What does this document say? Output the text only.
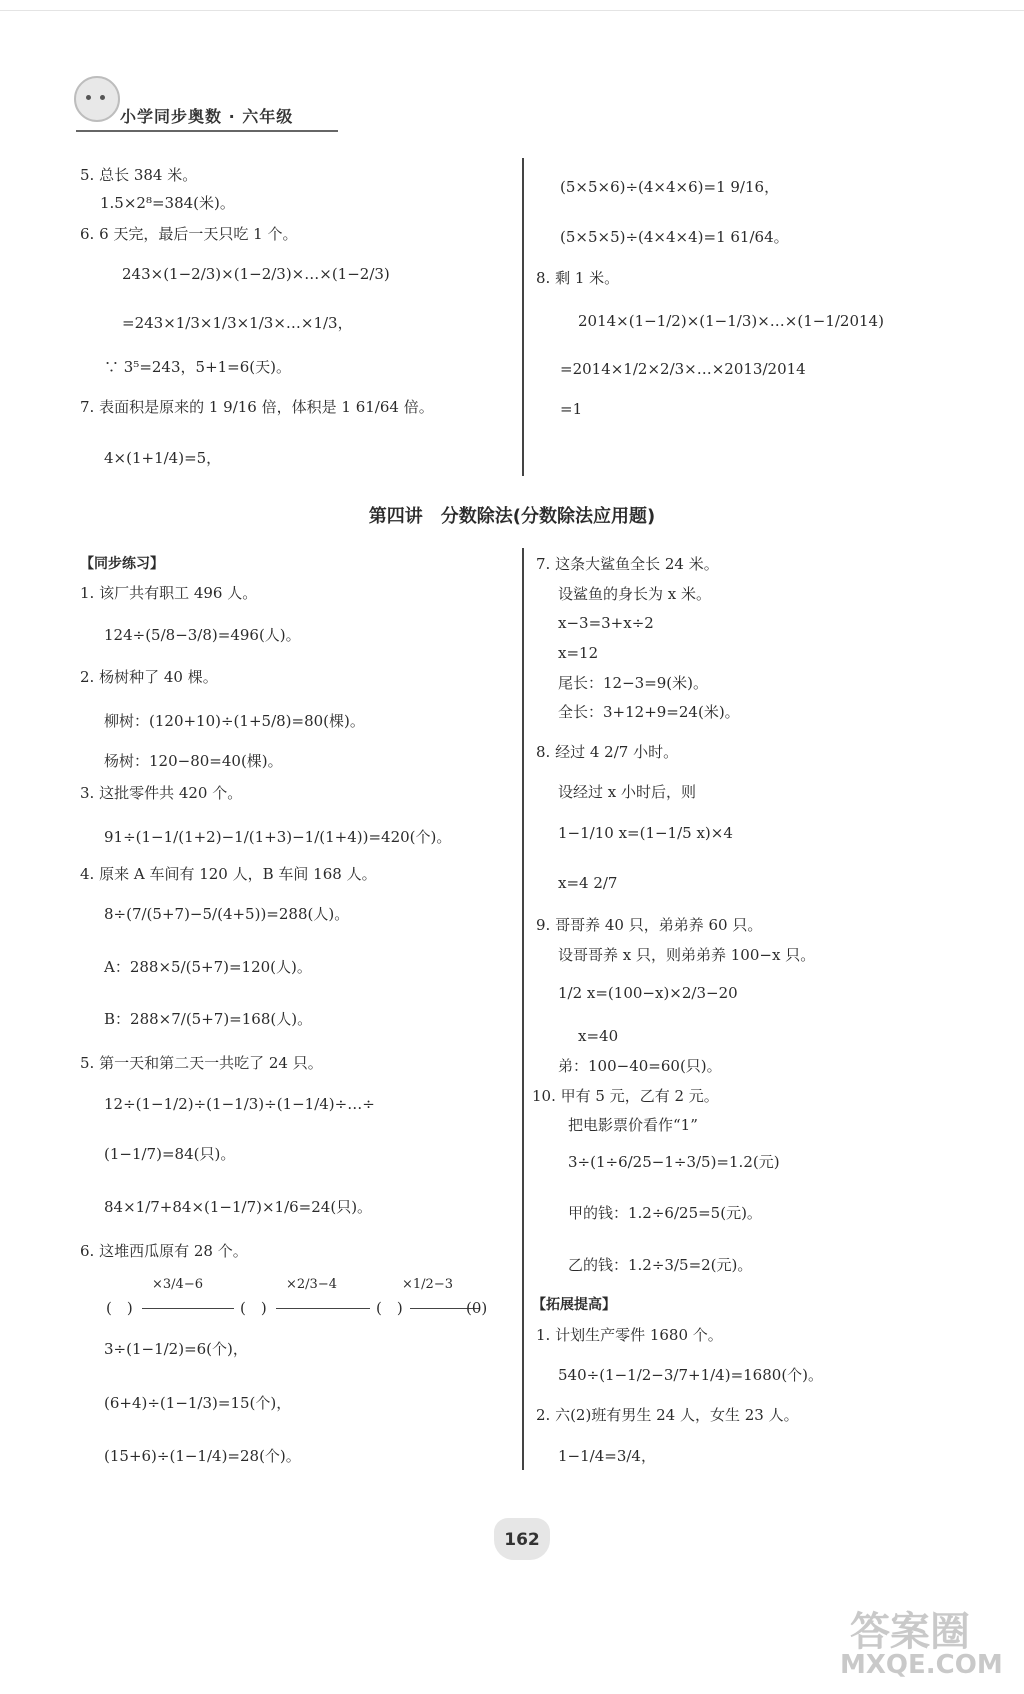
小学同步奥数 · 六年级
5. 总长 384 米。
1.5×2⁸=384(米)。
6. 6 天完，最后一天只吃 1 个。
243×(1−2/3)×(1−2/3)×…×(1−2/3)
=243×1/3×1/3×1/3×…×1/3，
∵ 3⁵=243，5+1=6(天)。
7. 表面积是原来的 1 9/16 倍，体积是 1 61/64 倍。
4×(1+1/4)=5，
(5×5×6)÷(4×4×6)=1 9/16，
(5×5×5)÷(4×4×4)=1 61/64。
8. 剩 1 米。
2014×(1−1/2)×(1−1/3)×…×(1−1/2014)
=2014×1/2×2/3×…×2013/2014
=1
第四讲　分数除法(分数除法应用题)
【同步练习】
1. 该厂共有职工 496 人。
124÷(5/8−3/8)=496(人)。
2. 杨树种了 40 棵。
柳树：(120+10)÷(1+5/8)=80(棵)。
杨树：120−80=40(棵)。
3. 这批零件共 420 个。
91÷(1−1/(1+2)−1/(1+3)−1/(1+4))=420(个)。
4. 原来 A 车间有 120 人，B 车间 168 人。
8÷(7/(5+7)−5/(4+5))=288(人)。
A：288×5/(5+7)=120(人)。
B：288×7/(5+7)=168(人)。
5. 第一天和第二天一共吃了 24 只。
12÷(1−1/2)÷(1−1/3)÷(1−1/4)÷…÷
(1−1/7)=84(只)。
84×1/7+84×(1−1/7)×1/6=24(只)。
6. 这堆西瓜原有 28 个。
(　)
×3/4−6
(　)
×2/3−4
(　)
×1/2−3
(0)
3÷(1−1/2)=6(个)，
(6+4)÷(1−1/3)=15(个)，
(15+6)÷(1−1/4)=28(个)。
7. 这条大鲨鱼全长 24 米。
设鲨鱼的身长为 x 米。
x−3=3+x÷2
x=12
尾长：12−3=9(米)。
全长：3+12+9=24(米)。
8. 经过 4 2/7 小时。
设经过 x 小时后，则
1−1/10 x=(1−1/5 x)×4
x=4 2/7
9. 哥哥养 40 只，弟弟养 60 只。
设哥哥养 x 只，则弟弟养 100−x 只。
1/2 x=(100−x)×2/3−20
x=40
弟：100−40=60(只)。
10. 甲有 5 元，乙有 2 元。
把电影票价看作“1”
3÷(1÷6/25−1÷3/5)=1.2(元)
甲的钱：1.2÷6/25=5(元)。
乙的钱：1.2÷3/5=2(元)。
【拓展提高】
1. 计划生产零件 1680 个。
540÷(1−1/2−3/7+1/4)=1680(个)。
2. 六(2)班有男生 24 人，女生 23 人。
1−1/4=3/4，
162
答案圈
MXQE.COM
